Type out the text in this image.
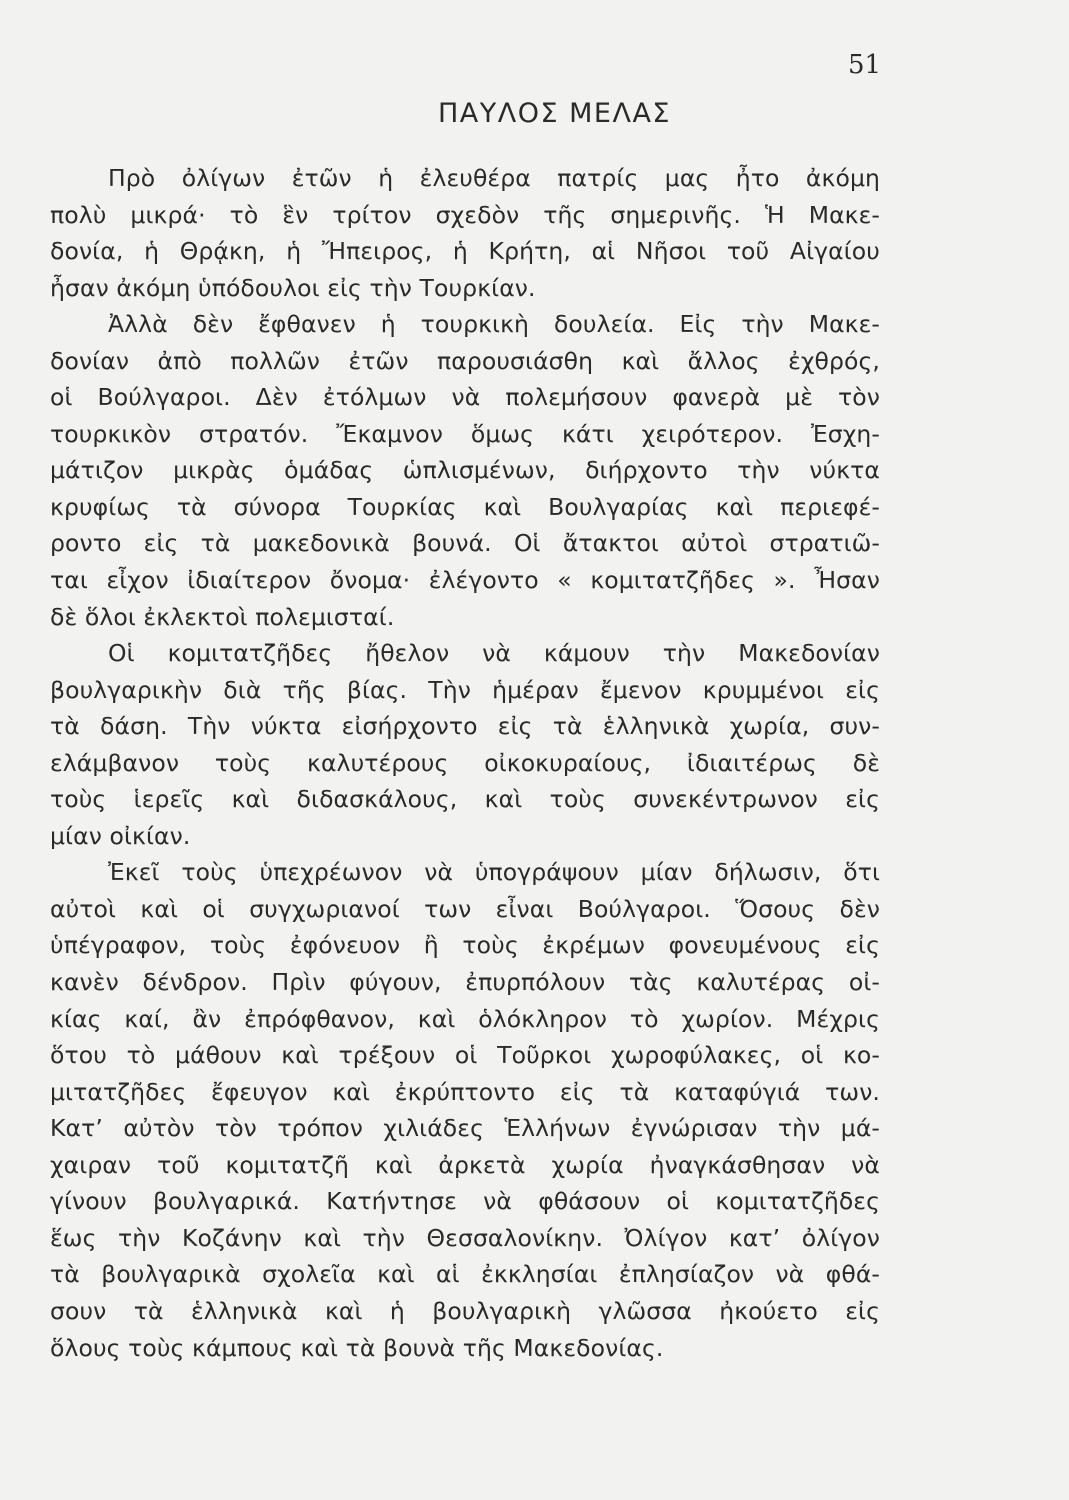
51
ΠΑΥΛΟΣ ΜΕΛΑΣ
Πρὸ ὀλίγων ἐτῶν ἡ ἐλευθέρα πατρίς μας ἦτο ἀκόμη
πολὺ μικρά· τὸ ἓν τρίτον σχεδὸν τῆς σημερινῆς. Ἡ Μακε-
δονία, ἡ Θρᾴκη, ἡ Ἤπειρος, ἡ Κρήτη, αἱ Νῆσοι τοῦ Αἰγαίου
ἦσαν ἀκόμη ὑπόδουλοι εἰς τὴν Τουρκίαν.
Ἀλλὰ δὲν ἔφθανεν ἡ τουρκικὴ δουλεία. Εἰς τὴν Μακε-
δονίαν ἀπὸ πολλῶν ἐτῶν παρουσιάσθη καὶ ἄλλος ἐχθρός,
οἱ Βούλγαροι. Δὲν ἐτόλμων νὰ πολεμήσουν φανερὰ μὲ τὸν
τουρκικὸν στρατόν. Ἔκαμνον ὅμως κάτι χειρότερον. Ἐσχη-
μάτιζον μικρὰς ὁμάδας ὡπλισμένων, διήρχοντο τὴν νύκτα
κρυφίως τὰ σύνορα Τουρκίας καὶ Βουλγαρίας καὶ περιεφέ-
ροντο εἰς τὰ μακεδονικὰ βουνά. Οἱ ἄτακτοι αὐτοὶ στρατιῶ-
ται εἶχον ἰδιαίτερον ὄνομα· ἐλέγοντο « κομιτατζῆδες ». Ἦσαν
δὲ ὅλοι ἐκλεκτοὶ πολεμισταί.
Οἱ κομιτατζῆδες ἤθελον νὰ κάμουν τὴν Μακεδονίαν
βουλγαρικὴν διὰ τῆς βίας. Τὴν ἡμέραν ἔμενον κρυμμένοι εἰς
τὰ δάση. Τὴν νύκτα εἰσήρχοντο εἰς τὰ ἑλληνικὰ χωρία, συν-
ελάμβανον τοὺς καλυτέρους οἰκοκυραίους, ἰδιαιτέρως δὲ
τοὺς ἱερεῖς καὶ διδασκάλους, καὶ τοὺς συνεκέντρωνον εἰς
μίαν οἰκίαν.
Ἐκεῖ τοὺς ὑπεχρέωνον νὰ ὑπογράψουν μίαν δήλωσιν, ὅτι
αὐτοὶ καὶ οἱ συγχωριανοί των εἶναι Βούλγαροι. Ὅσους δὲν
ὑπέγραφον, τοὺς ἐφόνευον ἢ τοὺς ἐκρέμων φονευμένους εἰς
κανὲν δένδρον. Πρὶν φύγουν, ἐπυρπόλουν τὰς καλυτέρας οἰ-
κίας καί, ἂν ἐπρόφθανον, καὶ ὁλόκληρον τὸ χωρίον. Μέχρις
ὅτου τὸ μάθουν καὶ τρέξουν οἱ Τοῦρκοι χωροφύλακες, οἱ κο-
μιτατζῆδες ἔφευγον καὶ ἐκρύπτοντο εἰς τὰ καταφύγιά των.
Κατ’ αὐτὸν τὸν τρόπον χιλιάδες Ἑλλήνων ἐγνώρισαν τὴν μά-
χαιραν τοῦ κομιτατζῆ καὶ ἀρκετὰ χωρία ἠναγκάσθησαν νὰ
γίνουν βουλγαρικά. Κατήντησε νὰ φθάσουν οἱ κομιτατζῆδες
ἕως τὴν Κοζάνην καὶ τὴν Θεσσαλονίκην. Ὀλίγον κατ’ ὀλίγον
τὰ βουλγαρικὰ σχολεῖα καὶ αἱ ἐκκλησίαι ἐπλησίαζον νὰ φθά-
σουν τὰ ἑλληνικὰ καὶ ἡ βουλγαρικὴ γλῶσσα ἠκούετο εἰς
ὅλους τοὺς κάμπους καὶ τὰ βουνὰ τῆς Μακεδονίας.
